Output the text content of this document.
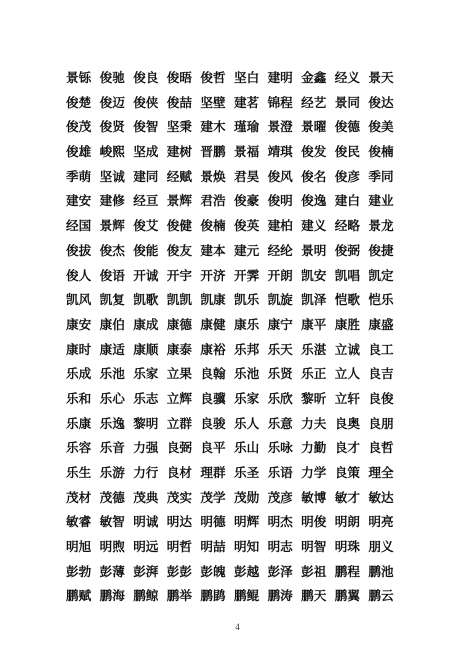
景铄 俊驰 俊良 俊晤 俊哲 坚白 建明 金鑫 经义 景天
俊楚 俊迈 俊侠 俊喆 坚壁 建茗 锦程 经艺 景同 俊达
俊茂 俊贤 俊智 坚秉 建木 瑾瑜 景澄 景曜 俊德 俊美
俊雄 峻熙 坚成 建树 晋鹏 景福 靖琪 俊发 俊民 俊楠
季萌 坚诚 建同 经赋 景焕 君昊 俊风 俊名 俊彦 季同
建安 建修 经亘 景辉 君浩 俊豪 俊明 俊逸 建白 建业
经国 景辉 俊艾 俊健 俊楠 俊英 建柏 建义 经略 景龙
俊拔 俊杰 俊能 俊友 建本 建元 经纶 景明 俊弼 俊捷
俊人 俊语 开诚 开宇 开济 开霁 开朗 凯安 凯唱 凯定
凯风 凯复 凯歌 凯凯 凯康 凯乐 凯旋 凯泽 恺歌 恺乐
康安 康伯 康成 康德 康健 康乐 康宁 康平 康胜 康盛
康时 康适 康顺 康泰 康裕 乐邦 乐天 乐湛 立诚 良工
乐成 乐池 乐家 立果 良翰 乐池 乐贤 乐正 立人 良吉
乐和 乐心 乐志 立辉 良骥 乐家 乐欣 黎昕 立轩 良俊
乐康 乐逸 黎明 立群 良骏 乐人 乐意 力夫 良奥 良朋
乐容 乐音 力强 良弼 良平 乐山 乐咏 力勤 良才 良哲
乐生 乐游 力行 良材 理群 乐圣 乐语 力学 良策 理全
茂材 茂德 茂典 茂实 茂学 茂勋 茂彦 敏博 敏才 敏达
敏睿 敏智 明诚 明达 明德 明辉 明杰 明俊 明朗 明亮
明旭 明煦 明远 明哲 明喆 明知 明志 明智 明珠 朋义
彭勃 彭薄 彭湃 彭彭 彭魄 彭越 彭泽 彭祖 鹏程 鹏池
鹏赋 鹏海 鹏鲸 鹏举 鹏鹍 鹏鲲 鹏涛 鹏天 鹏翼 鹏云
4
